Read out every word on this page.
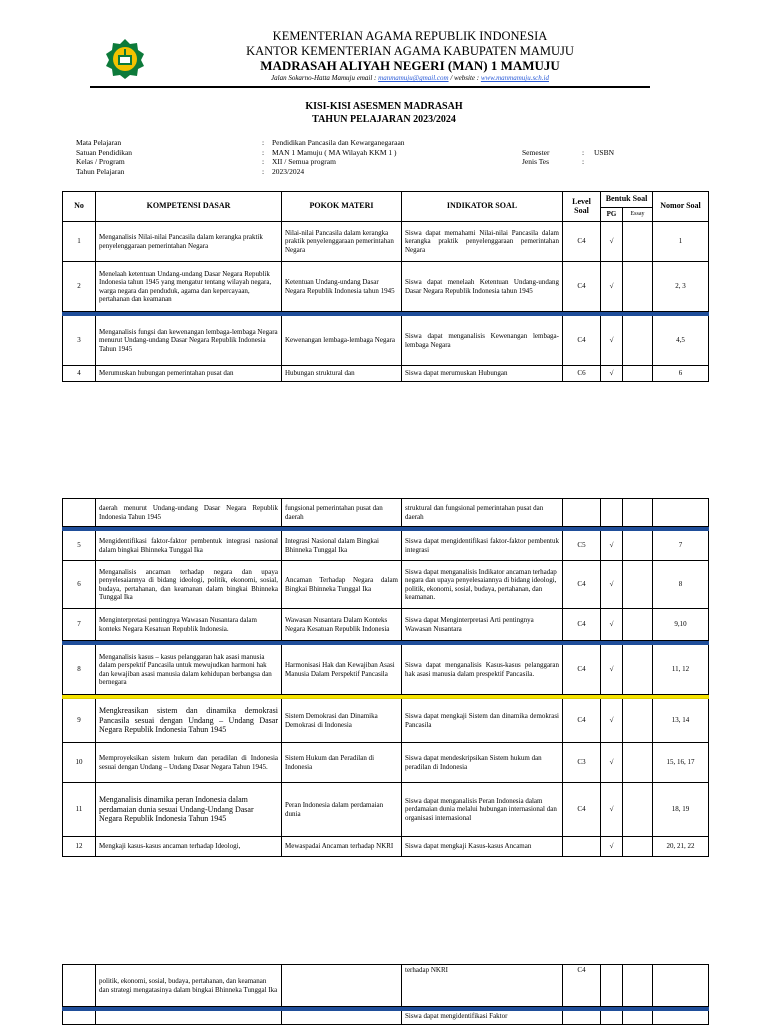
KEMENTERIAN AGAMA REPUBLIK INDONESIA
KANTOR KEMENTERIAN AGAMA KABUPATEN MAMUJU
MADRASAH ALIYAH NEGERI (MAN) 1 MAMUJU
Jalan Sokarno-Hatta Mamuju email : manmamuju@gmail.com / website : www.manmamuju.sch.id
KISI-KISI ASESMEN MADRASAH
TAHUN PELAJARAN 2023/2024
Mata Pelajaran
Satuan Pendidikan
Kelas / Program
Tahun Pelajaran
:
:
:
:
Pendidikan Pancasila dan Kewarganegaraan
MAN 1 Mamuju ( MA Wilayah KKM 1 )
XII / Semua program
2023/2024
Semester
Jenis Tes
:
:
USBN
No	KOMPETENSI DASAR	POKOK MATERI	INDIKATOR SOAL	Level Soal	Bentuk Soal		Nomor Soal
					PG	Essay	
1	Menganalisis Nilai-nilai Pancasila dalam kerangka praktik penyelenggaraan pemerintahan Negara	Nilai-nilai Pancasila dalam kerangka praktik penyelenggaraan pemerintahan Negara	Siswa dapat memahami Nilai-nilai Pancasila dalam kerangka praktik penyelenggaraan pemerintahan Negara	C4	√		1
2	Menelaah ketentuan Undang-undang Dasar Negara Republik Indonesia tahun 1945 yang mengatur tentang wilayah negara, warga negara dan penduduk, agama dan kepercayaan, pertahanan dan keamanan	Ketentuan Undang-undang Dasar Negara Republik Indonesia tahun 1945	Siswa dapat menelaah Ketentuan Undang-undang Dasar Negara Republik Indonesia tahun 1945	C4	√		2, 3

3	Menganalisis fungsi dan kewenangan lembaga-lembaga Negara menurut Undang-undang Dasar Negara Republik Indonesia Tahun 1945	Kewenangan lembaga-lembaga Negara	Siswa dapat menganalisis Kewenangan lembaga-lembaga Negara	C4	√		4,5
4	Merumuskan hubungan pemerintahan pusat dan	Hubungan struktural dan	Siswa dapat merumuskan Hubungan	C6	√		6
	daerah menurut Undang-undang Dasar Negara Republik Indonesia Tahun 1945	fungsional pemerintahan pusat dan daerah	struktural dan fungsional pemerintahan pusat dan daerah				

5	Mengidentifikasi faktor-faktor pembentuk integrasi nasional dalam bingkai Bhinneka Tunggal Ika	Integrasi Nasional dalam Bingkai Bhinneka Tunggal Ika	Siswa dapat mengidentifikasi faktor-faktor pembentuk integrasi	C5	√		7
6	Menganalisis ancaman terhadap negara dan upaya penyelesaiannya di bidang ideologi, politik, ekonomi, sosial, budaya, pertahanan, dan keamanan dalam bingkai Bhinneka Tunggal Ika	Ancaman Terhadap Negara dalam Bingkai Bhinneka Tunggal Ika	Siswa dapat menganalisis Indikator ancaman terhadap negara dan upaya penyelesaiannya di bidang ideologi, politik, ekonomi, sosial, budaya, pertahanan, dan keamanan.	C4	√		8
7	Menginterpretasi pentingnya Wawasan Nusantara dalam konteks Negara Kesatuan Republik Indonesia.	Wawasan Nusantara Dalam Konteks Negara Kesatuan Republik Indonesia	Siswa dapat Menginterpretasi Arti pentingnya Wawasan Nusantara	C4	√		9,10

8	Menganalisis kasus – kasus pelanggaran hak asasi manusia dalam perspektif Pancasila untuk mewujudkan harmoni hak dan kewajiban asasi manusia dalam kehidupan berbangsa dan bernegara	Harmonisasi Hak dan Kewajiban Asasi Manusia Dalam Perspektif Pancasila	Siswa dapat menganalisis Kasus-kasus pelanggaran hak asasi manusia dalam prespektif Pancasila.	C4	√		11, 12

9	Mengkreasikan sistem dan dinamika demokrasi Pancasila sesuai dengan Undang – Undang Dasar Negara Republik Indonesia Tahun 1945	Sistem Demokrasi dan Dinamika Demokrasi di Indonesia	Siswa dapat mengkaji Sistem dan dinamika demokrasi Pancasila	C4	√		13, 14
10	Memproyeksikan sistem hukum dan peradilan di Indonesia sesuai dengan Undang – Undang Dasar Negara Tahun 1945.	Sistem Hukum dan Peradilan di Indonesia	Siswa dapat mendeskripsikan Sistem hukum dan peradilan di Indonesia	C3	√		15, 16, 17
11	Menganalisis dinamika peran Indonesia dalam perdamaian dunia sesuai Undang-Undang Dasar Negara Republik Indonesia Tahun 1945	Peran Indonesia dalam perdamaian dunia	Siswa dapat menganalisis Peran Indonesia dalam perdamaian dunia melalui hubungan internasional dan organisasi internasional	C4	√		18, 19
12	Mengkaji kasus-kasus ancaman terhadap Ideologi,	Mewaspadai Ancaman terhadap NKRI	Siswa dapat mengkaji Kasus-kasus Ancaman		√		20, 21, 22
	politik, ekonomi, sosial, budaya, pertahanan, dan keamanan dan strategi mengatasinya dalam bingkai Bhinneka Tunggal Ika		terhadap NKRI	C4			

			Siswa dapat mengidentifikasi Faktor				
